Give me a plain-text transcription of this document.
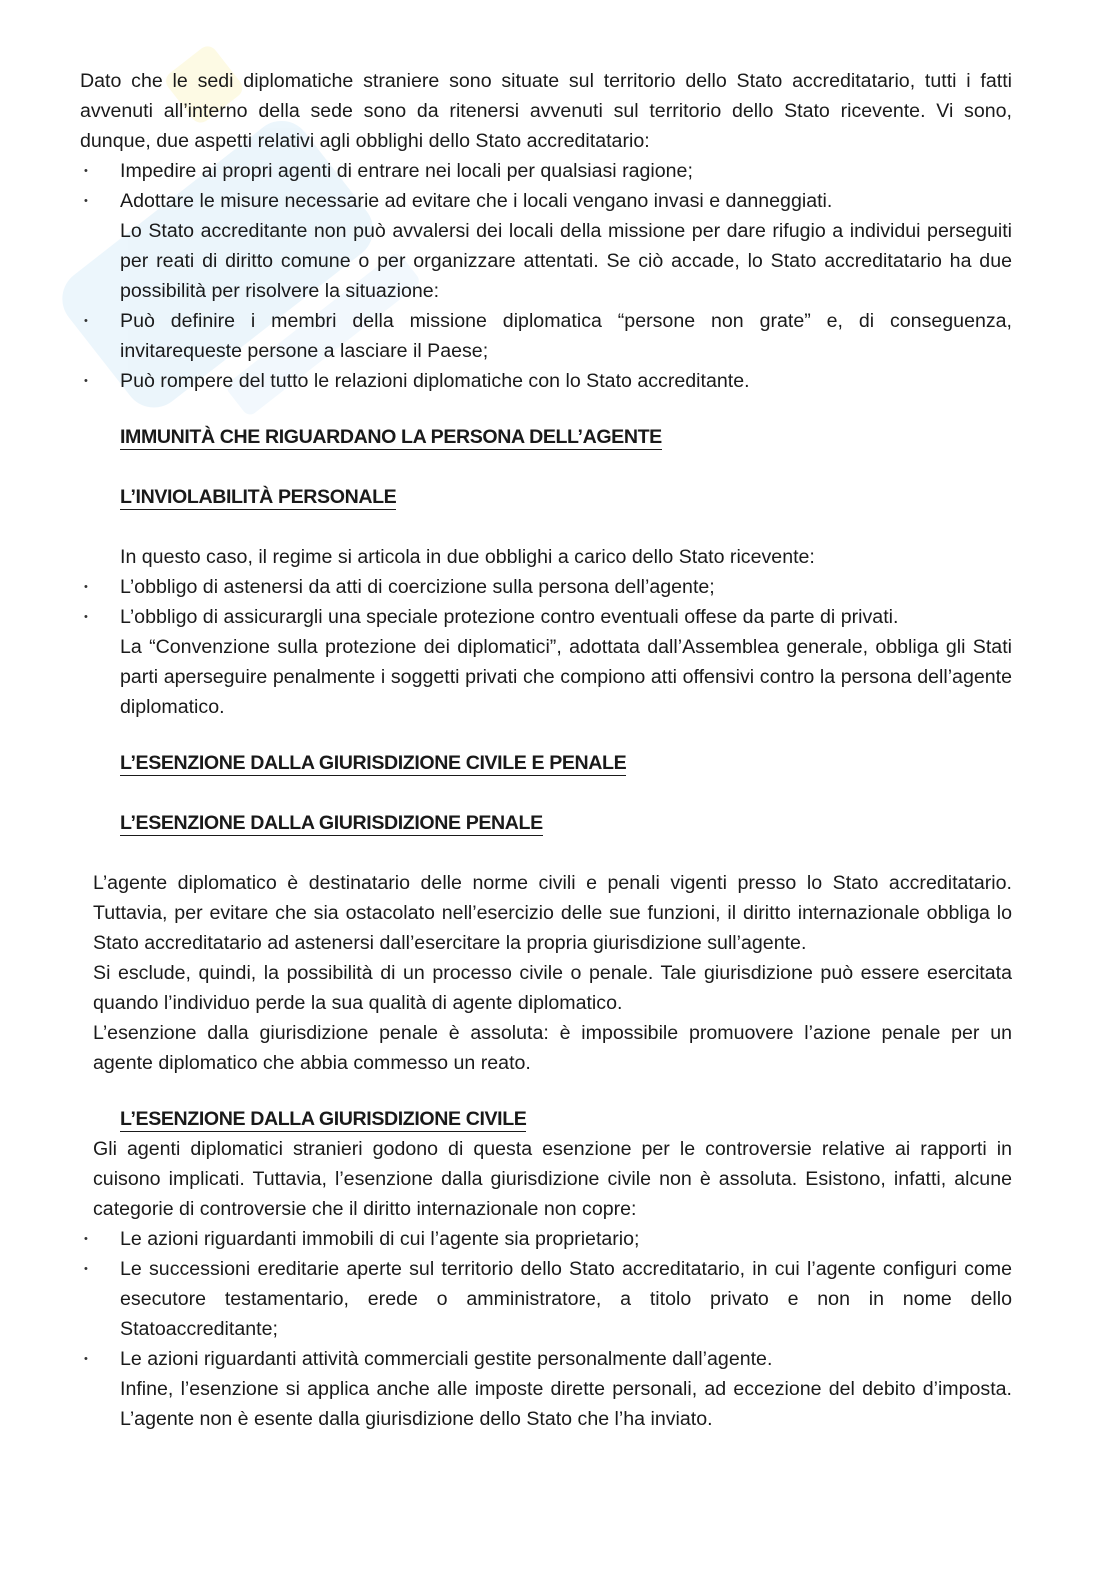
Dato che le sedi diplomatiche straniere sono situate sul territorio dello Stato accreditatario, tutti i fatti avvenuti all’interno della sede sono da ritenersi avvenuti sul territorio dello Stato ricevente. Vi sono, dunque, due aspetti relativi agli obblighi dello Stato accreditatario:

• Impedire ai propri agenti di entrare nei locali per qualsiasi ragione;
• Adottare le misure necessarie ad evitare che i locali vengano invasi e danneggiati.

Lo Stato accreditante non può avvalersi dei locali della missione per dare rifugio a individui perseguiti per reati di diritto comune o per organizzare attentati. Se ciò accade, lo Stato accreditatario ha due possibilità per risolvere la situazione:

• Può definire i membri della missione diplomatica “persone non grate” e, di conseguenza, invitarequeste persone a lasciare il Paese;
• Può rompere del tutto le relazioni diplomatiche con lo Stato accreditante.
IMMUNITÀ CHE RIGUARDANO LA PERSONA DELL’AGENTE
L’INVIOLABILITÀ PERSONALE

In questo caso, il regime si articola in due obblighi a carico dello Stato ricevente:

• L’obbligo di astenersi da atti di coercizione sulla persona dell’agente;
• L’obbligo di assicurargli una speciale protezione contro eventuali offese da parte di privati.

La “Convenzione sulla protezione dei diplomatici”, adottata dall’Assemblea generale, obbliga gli Stati parti aperseguire penalmente i soggetti privati che compiono atti offensivi contro la persona dell’agente diplomatico.

L’ESENZIONE DALLA GIURISDIZIONE CIVILE E PENALE
L’ESENZIONE DALLA GIURISDIZIONE PENALE

L’agente diplomatico è destinatario delle norme civili e penali vigenti presso lo Stato accreditatario. Tuttavia, per evitare che sia ostacolato nell’esercizio delle sue funzioni, il diritto internazionale obbliga lo Stato accreditatario ad astenersi dall’esercitare la propria giurisdizione sull’agente.

Si esclude, quindi, la possibilità di un processo civile o penale. Tale giurisdizione può essere esercitata quando l’individuo perde la sua qualità di agente diplomatico.

L’esenzione dalla giurisdizione penale è assoluta: è impossibile promuovere l’azione penale per un agente diplomatico che abbia commesso un reato.

L’ESENZIONE DALLA GIURISDIZIONE CIVILE

Gli agenti diplomatici stranieri godono di questa esenzione per le controversie relative ai rapporti in cuisono implicati. Tuttavia, l’esenzione dalla giurisdizione civile non è assoluta. Esistono, infatti, alcune categorie di controversie che il diritto internazionale non copre:

• Le azioni riguardanti immobili di cui l’agente sia proprietario;
• Le successioni ereditarie aperte sul territorio dello Stato accreditatario, in cui l’agente configuri come esecutore testamentario, erede o amministratore, a titolo privato e non in nome dello Statoaccreditante;
• Le azioni riguardanti attività commerciali gestite personalmente dall’agente.

Infine, l’esenzione si applica anche alle imposte dirette personali, ad eccezione del debito d’imposta. L’agente non è esente dalla giurisdizione dello Stato che l’ha inviato.
